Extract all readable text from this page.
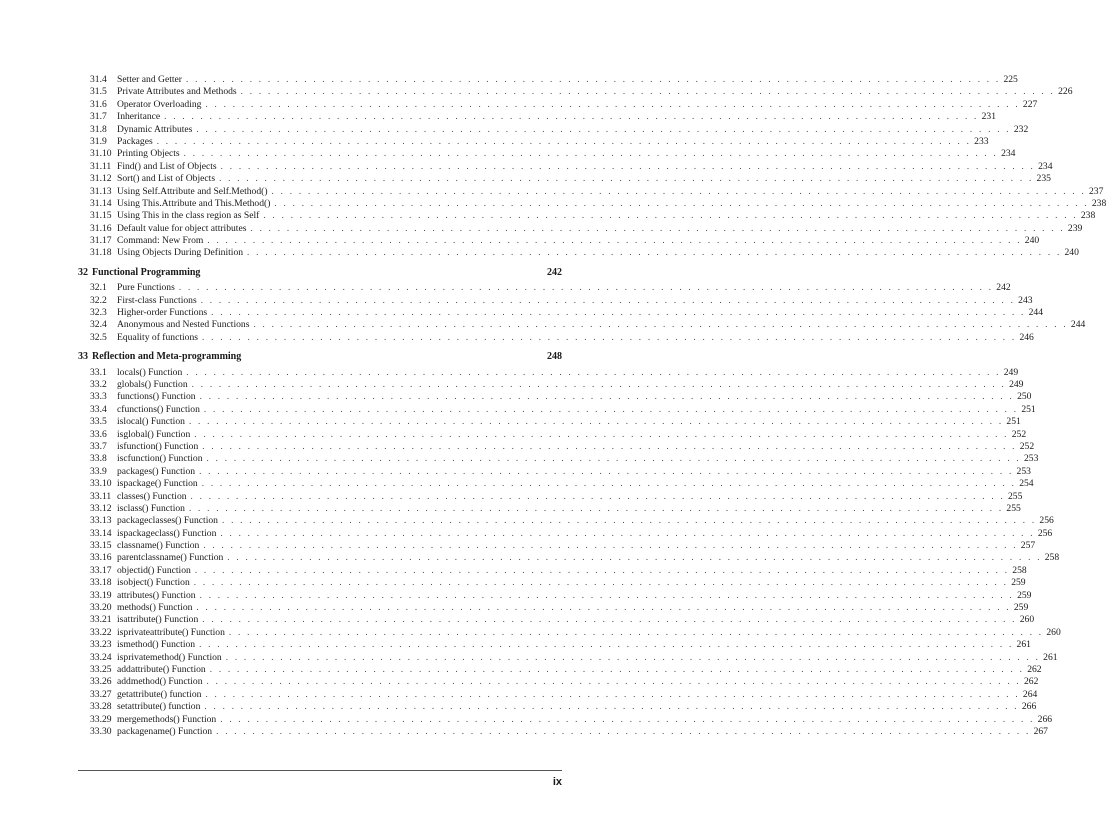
31.4	Setter and Getter . . . . . . . . . . . . . . . . . . . . . . . . . . . . . . . . . . . . . . . . . . . . . . . . . . . . . . . . . . . . . . . . . . . . . . . . . . . . . . . . . . . . . . . . . . 225
31.5	Private Attributes and Methods . . . . . . . . . . . . . . . . . . . . . . . . . . . . . . . . . . . . . . . . . . . . . . . . . . . . . . . . . . . . . . . . . . . . . . . . . . . . . . . . . . . . . . . . . . 226
31.6	Operator Overloading . . . . . . . . . . . . . . . . . . . . . . . . . . . . . . . . . . . . . . . . . . . . . . . . . . . . . . . . . . . . . . . . . . . . . . . . . . . . . . . . . . . . . . . . . . 227
31.7	Inheritance . . . . . . . . . . . . . . . . . . . . . . . . . . . . . . . . . . . . . . . . . . . . . . . . . . . . . . . . . . . . . . . . . . . . . . . . . . . . . . . . . . . . . . . . . . 231
31.8	Dynamic Attributes . . . . . . . . . . . . . . . . . . . . . . . . . . . . . . . . . . . . . . . . . . . . . . . . . . . . . . . . . . . . . . . . . . . . . . . . . . . . . . . . . . . . . . . . . . 232
31.9	Packages . . . . . . . . . . . . . . . . . . . . . . . . . . . . . . . . . . . . . . . . . . . . . . . . . . . . . . . . . . . . . . . . . . . . . . . . . . . . . . . . . . . . . . . . . . 233
31.10 Printing Objects . . . . . . . . . . . . . . . . . . . . . . . . . . . . . . . . . . . . . . . . . . . . . . . . . . . . . . . . . . . . . . . . . . . . . . . . . . . . . . . . . . . . . . . . . . 234
31.11 Find() and List of Objects . . . . . . . . . . . . . . . . . . . . . . . . . . . . . . . . . . . . . . . . . . . . . . . . . . . . . . . . . . . . . . . . . . . . . . . . . . . . . . . . . . . . . . . . . . 234
31.12 Sort() and List of Objects . . . . . . . . . . . . . . . . . . . . . . . . . . . . . . . . . . . . . . . . . . . . . . . . . . . . . . . . . . . . . . . . . . . . . . . . . . . . . . . . . . . . . . . . . . 235
31.13 Using Self.Attribute and Self.Method() . . . . . . . . . . . . . . . . . . . . . . . . . . . . . . . . . . . . . . . . . . . . . . . . . . . . . . . . . . . . . . . . . . . . . . . . . . . . . . . . . . . . . . . . . . 237
31.14 Using This.Attribute and This.Method() . . . . . . . . . . . . . . . . . . . . . . . . . . . . . . . . . . . . . . . . . . . . . . . . . . . . . . . . . . . . . . . . . . . . . . . . . . . . . . . . . . . . . . . . . . 238
31.15 Using This in the class region as Self . . . . . . . . . . . . . . . . . . . . . . . . . . . . . . . . . . . . . . . . . . . . . . . . . . . . . . . . . . . . . . . . . . . . . . . . . . . . . . . . . . . . . . . . . . 238
31.16 Default value for object attributes . . . . . . . . . . . . . . . . . . . . . . . . . . . . . . . . . . . . . . . . . . . . . . . . . . . . . . . . . . . . . . . . . . . . . . . . . . . . . . . . . . . . . . . . . . 239
31.17 Command: New From . . . . . . . . . . . . . . . . . . . . . . . . . . . . . . . . . . . . . . . . . . . . . . . . . . . . . . . . . . . . . . . . . . . . . . . . . . . . . . . . . . . . . . . . . . 240
31.18 Using Objects During Definition . . . . . . . . . . . . . . . . . . . . . . . . . . . . . . . . . . . . . . . . . . . . . . . . . . . . . . . . . . . . . . . . . . . . . . . . . . . . . . . . . . . . . . . . . . 240
32 Functional Programming	242
32.1	Pure Functions . . . . . . . . . . . . . . . . . . . . . . . . . . . . . . . . . . . . . . . . . . . . . . . . . . . . . . . . . . . . . . . . . . . . . . . . . . . . . . . . . . . . . . . . . . 242
32.2	First-class Functions . . . . . . . . . . . . . . . . . . . . . . . . . . . . . . . . . . . . . . . . . . . . . . . . . . . . . . . . . . . . . . . . . . . . . . . . . . . . . . . . . . . . . . . . . . 243
32.3	Higher-order Functions . . . . . . . . . . . . . . . . . . . . . . . . . . . . . . . . . . . . . . . . . . . . . . . . . . . . . . . . . . . . . . . . . . . . . . . . . . . . . . . . . . . . . . . . . . 244
32.4	Anonymous and Nested Functions . . . . . . . . . . . . . . . . . . . . . . . . . . . . . . . . . . . . . . . . . . . . . . . . . . . . . . . . . . . . . . . . . . . . . . . . . . . . . . . . . . . . . . . . . . 244
32.5	Equality of functions . . . . . . . . . . . . . . . . . . . . . . . . . . . . . . . . . . . . . . . . . . . . . . . . . . . . . . . . . . . . . . . . . . . . . . . . . . . . . . . . . . . . . . . . . . 246
33 Reflection and Meta-programming	248
33.1	locals() Function . . . . . . . . . . . . . . . . . . . . . . . . . . . . . . . . . . . . . . . . . . . . . . . . . . . . . . . . . . . . . . . . . . . . . . . . . . . . . . . . . . . . . . . . . . 249
33.2	globals() Function . . . . . . . . . . . . . . . . . . . . . . . . . . . . . . . . . . . . . . . . . . . . . . . . . . . . . . . . . . . . . . . . . . . . . . . . . . . . . . . . . . . . . . . . . . 249
33.3	functions() Function . . . . . . . . . . . . . . . . . . . . . . . . . . . . . . . . . . . . . . . . . . . . . . . . . . . . . . . . . . . . . . . . . . . . . . . . . . . . . . . . . . . . . . . . . . 250
33.4	cfunctions() Function . . . . . . . . . . . . . . . . . . . . . . . . . . . . . . . . . . . . . . . . . . . . . . . . . . . . . . . . . . . . . . . . . . . . . . . . . . . . . . . . . . . . . . . . . . 251
33.5	islocal() Function . . . . . . . . . . . . . . . . . . . . . . . . . . . . . . . . . . . . . . . . . . . . . . . . . . . . . . . . . . . . . . . . . . . . . . . . . . . . . . . . . . . . . . . . . . 251
33.6	isglobal() Function . . . . . . . . . . . . . . . . . . . . . . . . . . . . . . . . . . . . . . . . . . . . . . . . . . . . . . . . . . . . . . . . . . . . . . . . . . . . . . . . . . . . . . . . . . 252
33.7	isfunction() Function . . . . . . . . . . . . . . . . . . . . . . . . . . . . . . . . . . . . . . . . . . . . . . . . . . . . . . . . . . . . . . . . . . . . . . . . . . . . . . . . . . . . . . . . . . 252
33.8	iscfunction() Function . . . . . . . . . . . . . . . . . . . . . . . . . . . . . . . . . . . . . . . . . . . . . . . . . . . . . . . . . . . . . . . . . . . . . . . . . . . . . . . . . . . . . . . . . . 253
33.9	packages() Function . . . . . . . . . . . . . . . . . . . . . . . . . . . . . . . . . . . . . . . . . . . . . . . . . . . . . . . . . . . . . . . . . . . . . . . . . . . . . . . . . . . . . . . . . . 253
33.10 ispackage() Function . . . . . . . . . . . . . . . . . . . . . . . . . . . . . . . . . . . . . . . . . . . . . . . . . . . . . . . . . . . . . . . . . . . . . . . . . . . . . . . . . . . . . . . . . . 254
33.11 classes() Function . . . . . . . . . . . . . . . . . . . . . . . . . . . . . . . . . . . . . . . . . . . . . . . . . . . . . . . . . . . . . . . . . . . . . . . . . . . . . . . . . . . . . . . . . . 255
33.12 isclass() Function . . . . . . . . . . . . . . . . . . . . . . . . . . . . . . . . . . . . . . . . . . . . . . . . . . . . . . . . . . . . . . . . . . . . . . . . . . . . . . . . . . . . . . . . . . 255
33.13 packageclasses() Function . . . . . . . . . . . . . . . . . . . . . . . . . . . . . . . . . . . . . . . . . . . . . . . . . . . . . . . . . . . . . . . . . . . . . . . . . . . . . . . . . . . . . . . . . . 256
33.14 ispackageclass() Function . . . . . . . . . . . . . . . . . . . . . . . . . . . . . . . . . . . . . . . . . . . . . . . . . . . . . . . . . . . . . . . . . . . . . . . . . . . . . . . . . . . . . . . . . . 256
33.15 classname() Function . . . . . . . . . . . . . . . . . . . . . . . . . . . . . . . . . . . . . . . . . . . . . . . . . . . . . . . . . . . . . . . . . . . . . . . . . . . . . . . . . . . . . . . . . . 257
33.16 parentclassname() Function . . . . . . . . . . . . . . . . . . . . . . . . . . . . . . . . . . . . . . . . . . . . . . . . . . . . . . . . . . . . . . . . . . . . . . . . . . . . . . . . . . . . . . . . . . 258
33.17 objectid() Function . . . . . . . . . . . . . . . . . . . . . . . . . . . . . . . . . . . . . . . . . . . . . . . . . . . . . . . . . . . . . . . . . . . . . . . . . . . . . . . . . . . . . . . . . . 258
33.18 isobject() Function . . . . . . . . . . . . . . . . . . . . . . . . . . . . . . . . . . . . . . . . . . . . . . . . . . . . . . . . . . . . . . . . . . . . . . . . . . . . . . . . . . . . . . . . . . 259
33.19 attributes() Function . . . . . . . . . . . . . . . . . . . . . . . . . . . . . . . . . . . . . . . . . . . . . . . . . . . . . . . . . . . . . . . . . . . . . . . . . . . . . . . . . . . . . . . . . . 259
33.20 methods() Function . . . . . . . . . . . . . . . . . . . . . . . . . . . . . . . . . . . . . . . . . . . . . . . . . . . . . . . . . . . . . . . . . . . . . . . . . . . . . . . . . . . . . . . . . . 259
33.21 isattribute() Function . . . . . . . . . . . . . . . . . . . . . . . . . . . . . . . . . . . . . . . . . . . . . . . . . . . . . . . . . . . . . . . . . . . . . . . . . . . . . . . . . . . . . . . . . . 260
33.22 isprivateattribute() Function . . . . . . . . . . . . . . . . . . . . . . . . . . . . . . . . . . . . . . . . . . . . . . . . . . . . . . . . . . . . . . . . . . . . . . . . . . . . . . . . . . . . . . . . . . 260
33.23 ismethod() Function . . . . . . . . . . . . . . . . . . . . . . . . . . . . . . . . . . . . . . . . . . . . . . . . . . . . . . . . . . . . . . . . . . . . . . . . . . . . . . . . . . . . . . . . . . 261
33.24 isprivatemethod() Function . . . . . . . . . . . . . . . . . . . . . . . . . . . . . . . . . . . . . . . . . . . . . . . . . . . . . . . . . . . . . . . . . . . . . . . . . . . . . . . . . . . . . . . . . . 261
33.25 addattribute() Function . . . . . . . . . . . . . . . . . . . . . . . . . . . . . . . . . . . . . . . . . . . . . . . . . . . . . . . . . . . . . . . . . . . . . . . . . . . . . . . . . . . . . . . . . . 262
33.26 addmethod() Function . . . . . . . . . . . . . . . . . . . . . . . . . . . . . . . . . . . . . . . . . . . . . . . . . . . . . . . . . . . . . . . . . . . . . . . . . . . . . . . . . . . . . . . . . . 262
33.27 getattribute() function . . . . . . . . . . . . . . . . . . . . . . . . . . . . . . . . . . . . . . . . . . . . . . . . . . . . . . . . . . . . . . . . . . . . . . . . . . . . . . . . . . . . . . . . . . 264
33.28 setattribute() function . . . . . . . . . . . . . . . . . . . . . . . . . . . . . . . . . . . . . . . . . . . . . . . . . . . . . . . . . . . . . . . . . . . . . . . . . . . . . . . . . . . . . . . . . . 266
33.29 mergemethods() Function . . . . . . . . . . . . . . . . . . . . . . . . . . . . . . . . . . . . . . . . . . . . . . . . . . . . . . . . . . . . . . . . . . . . . . . . . . . . . . . . . . . . . . . . . . 266
33.30 packagename() Function . . . . . . . . . . . . . . . . . . . . . . . . . . . . . . . . . . . . . . . . . . . . . . . . . . . . . . . . . . . . . . . . . . . . . . . . . . . . . . . . . . . . . . . . . . 267
ix
